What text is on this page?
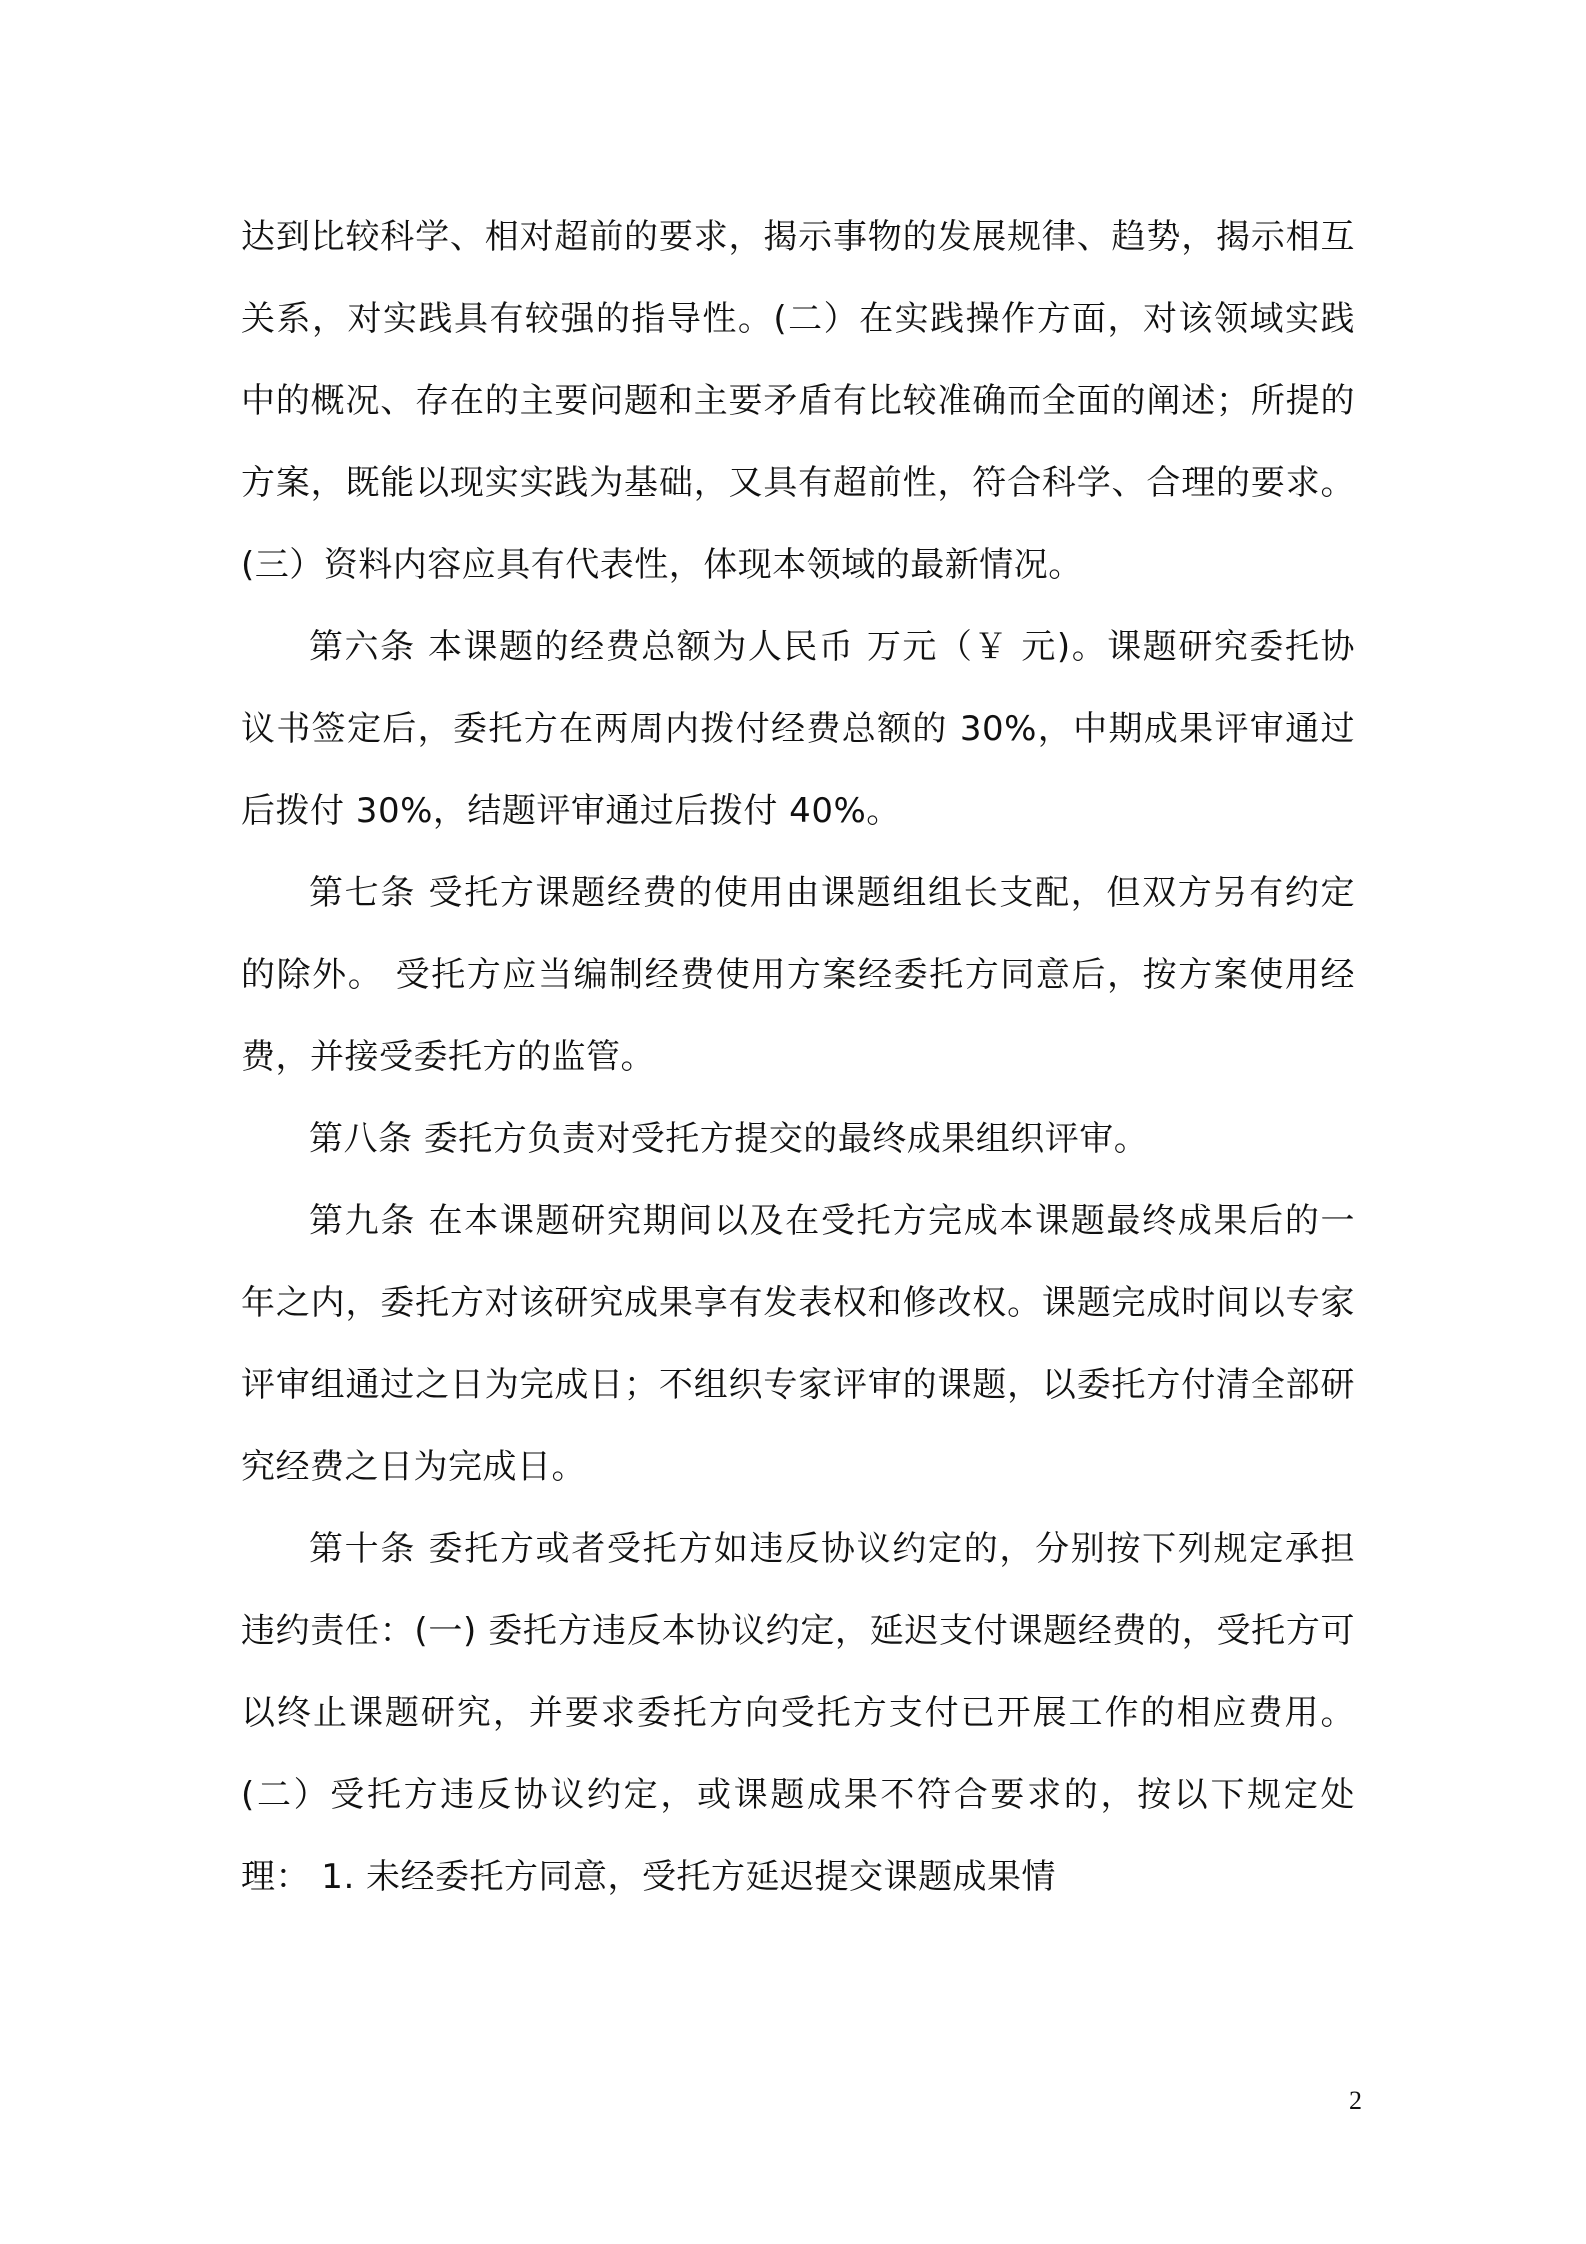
达到比较科学、相对超前的要求，揭示事物的发展规律、趋势，揭示相互关系，对实践具有较强的指导性。(二）在实践操作方面，对该领域实践中的概况、存在的主要问题和主要矛盾有比较准确而全面的阐述；所提的方案，既能以现实实践为基础，又具有超前性，符合科学、合理的要求。(三）资料内容应具有代表性，体现本领域的最新情况。

第六条 本课题的经费总额为人民币 万元（￥ 元)。课题研究委托协议书签定后，委托方在两周内拨付经费总额的 30%，中期成果评审通过后拨付 30%，结题评审通过后拨付 40%。

第七条 受托方课题经费的使用由课题组组长支配，但双方另有约定的除外。 受托方应当编制经费使用方案经委托方同意后，按方案使用经费，并接受委托方的监管。

第八条 委托方负责对受托方提交的最终成果组织评审。

第九条 在本课题研究期间以及在受托方完成本课题最终成果后的一年之内，委托方对该研究成果享有发表权和修改权。课题完成时间以专家评审组通过之日为完成日；不组织专家评审的课题，以委托方付清全部研究经费之日为完成日。

第十条 委托方或者受托方如违反协议约定的，分别按下列规定承担违约责任：(一) 委托方违反本协议约定，延迟支付课题经费的，受托方可以终止课题研究，并要求委托方向受托方支付已开展工作的相应费用。(二）受托方违反协议约定，或课题成果不符合要求的，按以下规定处理： 1. 未经委托方同意，受托方延迟提交课题成果情

2
